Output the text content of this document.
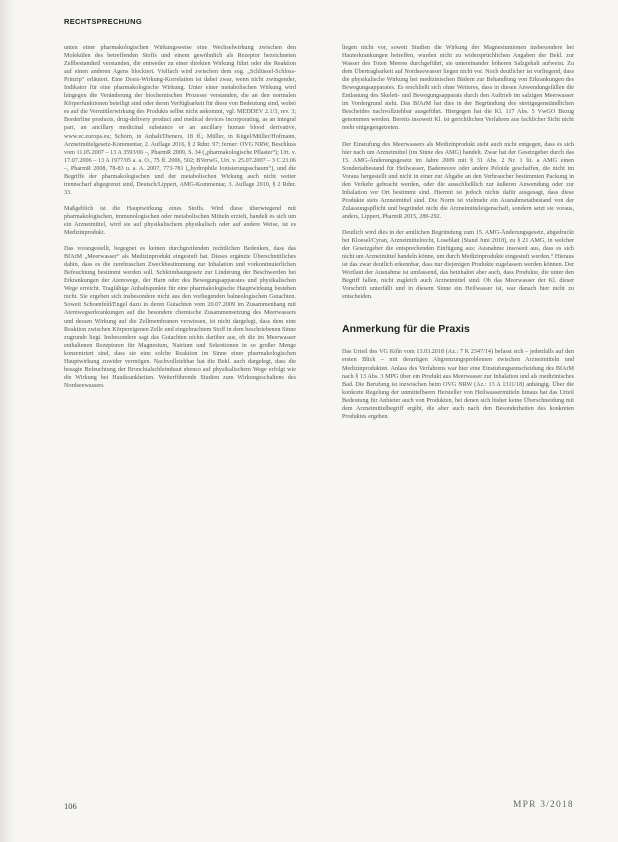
RECHTSPRECHUNG

unten einer pharmakologischen Wirkungsweise eine Wechselwirkung zwischen den Molekülen des betreffenden Stoffs und einem gewöhnlich als Rezeptor bezeichneten Zellbestandteil verstanden, die entweder zu einer direkten Wirkung führt oder die Reaktion auf einen anderen Agens blockiert. Vielfach wird zwischen dem sog. „Schlüssel-Schloss-Prinzip“ erläutert. Eine Dosis-Wirkung-Korrelation ist dabei zwar, wenn nicht zwingender, Indikator für eine pharmakologische Wirkung. Unter einer metabolischen Wirkung wird hingegen die Veränderung der biochemischen Prozesse verstanden, die an den normalen Körperfunktionen beteiligt sind oder deren Verfügbarkeit für diese von Bedeutung sind, wobei es auf die Vermittlerwirkung des Produkts selbst nicht ankommt, vgl. MEDDEV 2.1/3, rev. 3; Borderline products, drug-delivery product and medical devices incorporating, as an integral part, an ancillary medicinal substance or an ancillary human blood derivative, www.ec.europa.eu; Schorn, in Anhalt/Dieners, 18 ff.; Müller, in Kügel/Müller/Hofmann, Arzneimittelgesetz-Kommentar, 2. Auflage 2016, § 2 Rdnr. 97; ferner: OVG NRW, Beschluss vom 11.05.2007 – 13 A 3593/06 –, PharmR 2009, S. 34 („pharmakologische Pflaster“); Urt. v. 17.07.2006 – 13 A 1977/05 a. a. O., 75 ff. 2006, 502; BVerwG, Urt. v. 25.07.2007 – 3 C 23.06 –, PharmR 2008, 78-83 u. a. A. 2007, 773-781 („hydrophile Ionisierungsschaum“), und die Begriffe der pharmakologischen und der metabolischen Wirkung auch nicht weiter trennscharf abgegrenzt sind, Deutsch/Lippert, AMG-Kommentar, 3. Auflage 2010, § 2 Rdnr. 33.

Maßgeblich ist die Hauptwirkung eines Stoffs. Wird diese überwiegend mit pharmakologischen, immunologischen oder metabolischen Mitteln erzielt, handelt es sich um ein Arzneimittel, wird sie auf physikalischem physikalisch oder auf andere Weise, ist es Medizinprodukt.

Das vorangestellt, begegnet es keinen durchgreifenden rechtlichen Bedenken, dass das BfArM „Meerwasser“ als Medizinprodukt eingestuft hat. Dieses ergänzte Überschnittliches dahin, dass es die zerebraschen Zweckbestimmung zur Inhalation und vorkontinuierlichen Befeuchtung bestimmt werden soll. Schleimhautgesetz zur Linderung der Beschwerden bei Erkrankungen der Atemwege, der Harn oder des Bewegungsapparates und physikalischen Wege erreicht. Tragfähige Anhaltspunkte für eine pharmakologische Hauptwirkung bestehen nicht. Sie ergeben sich insbesondere nicht aus den vorliegenden balneologischen Gutachten. Soweit Schoenfeld/Engel dazu in deren Gutachten vom 20.07.2009 im Zusammenhang mit Atemwegserkrankungen auf die besondere chemische Zusammensetzung des Meerwassers und dessen Wirkung auf die Zellmembranen verwiesen, ist nicht dargelegt, dass dem eine Reaktion zwischen Körpereigenen Zelle und eingebrachtem Stoff in dem beschriebenen Sinne zugrunde liegt. Insbesondere sagt das Gutachten nichts darüber aus, ob die im Meerwasser enthaltenen Rezeptoren für Magnesium, Natrium und Sekretionen in so großer Menge konzentriert sind, dass sie eine solche Reaktion im Sinne einer pharmakologischen Hauptwirkung zuwider vermögen. Nachvollziehbar hat die Bekl. auch dargelegt, dass die besagte Befeuchtung der Bronchialschleimhaut ebenso auf physikalischem Wege erfolgt wie die Wirkung bei Hautkrankheiten. Weiterführende Studien zum Wirkungsschaltens des Nordseewassers

liegen nicht vor, soweit Studien die Wirkung der Magnesiumionen insbesondere bei Hauterkrankungen betreffen, wurden nicht zu widersprüchlichen Angaben der Bekl. zur Wasser des Toten Meeres durchgeführt, sie untereinander höheren Salzgehalt aufweist. Zu dem Übertragbarkeit auf Nordseewasser liegen nicht vor. Noch deutlicher ist vorliegend, dass die physikalische Wirkung bei medizinischen Bädern zur Behandlung von Erkrankungen des Bewegungsapparates. Es erschließt sich ohne Weiteres, dass in diesen Anwendungsfällen die Entlastung des Skelett- und Bewegungsapparats durch den Auftrieb im salzigen Meerwasser im Vordergrund steht. Das BfArM hat dies in der Begründung des streitgegenständlichen Bescheides nachvollziehbar ausgeführt. Hiergegen hat die Kl. 117 Abs. 5 VwGO Bezug genommen werden. Bereits insoweit Kl. ist gerichtlichen Verfahren aus fachlicher Sicht nicht mehr entgegengetreten.

Der Einstufung des Meerwassers als Medizinprodukt steht auch nicht entgegen, dass es sich hier nach um Arzneimittel (im Sinne des AMG) handelt. Zwar hat der Gesetzgeber durch das 15. AMG-Änderungsgesetz im Jahre 2009 mit § 31 Abs. 2 Nr. 1 lit. a AMG einen Sondertatbestand für Heilwasser, Bademoore oder andere Peloide geschaffen, die nicht im Voraus hergestellt und nicht in einer zur Abgabe an den Verbraucher bestimmten Packung in den Verkehr gebracht werden, oder die ausschließlich zur äußeren Anwendung oder zur Inhalation vor Ort bestimmt sind. Hiermit ist jedoch nichts dafür ausgesagt, dass diese Produkte stets Arzneimittel sind. Die Norm ist vielmehr ein Ausnahmetatbestand von der Zulassungspflicht und begründet nicht die Arzneimitteleigenschaft, sondern setzt sie voraus, anders, Lippert, PharmR 2015, 289-292.

Deutlich wird dies in der amtlichen Begründung zum 15. AMG-Änderungsgesetz, abgedruckt bei Kloesel/Cyran, Arzneimittelrecht, Loseblatt (Stand Juni 2018), zu § 21 AMG, in welcher der Gesetzgeber die entsprechenden Einfügung aus: Ausnahme insoweit aus, dass es sich nicht um Arzneimittel handeln könne, um durch Medizinprodukte eingestuft werden.“ Hieraus ist das zwar deutlich erkennbar, dass nur diejenigen Produkte zugelassen werden können. Der Wortlaut der Ausnahme ist umfassend, das beinhaltet aber auch, dass Produkte, die unter den Begriff fallen, nicht zugleich auch Arzneimittel sind. Ob das Meerwasser der Kl. dieser Vorschrift unterfällt und in diesem Sinne ein Heilwasser ist, war danach hier nicht zu entscheiden.

Anmerkung für die Praxis

Das Urteil des VG Köln vom 13.03.2018 (Az.: 7 K 2347/14) befasst sich – jedenfalls auf den ersten Blick – mit derartigen Abgrenzungsproblemen zwischen Arzneimitteln und Medizinprodukten. Anlass des Verfahrens war hier eine Einstufungsentscheidung des BfArM nach § 13 Abs. 3 MPG über ein Produkt aus Meerwasser zur Inhalation und als medizinisches Bad. Die Berufung ist inzwischen beim OVG NRW (Az.: 13 A 1311/18) anhängig. Über die konkrete Regelung der unmittelbaren Hersteller von Heilwassermitteln hinaus hat das Urteil Bedeutung für Anbieter auch von Produkten, bei denen sich bisher keine Überschneidung mit dem Arzneimittelbegriff ergibt, die aber auch nach den Besonderheiten des konkreten Produktes ergeben.

106	MPR 3/2018
